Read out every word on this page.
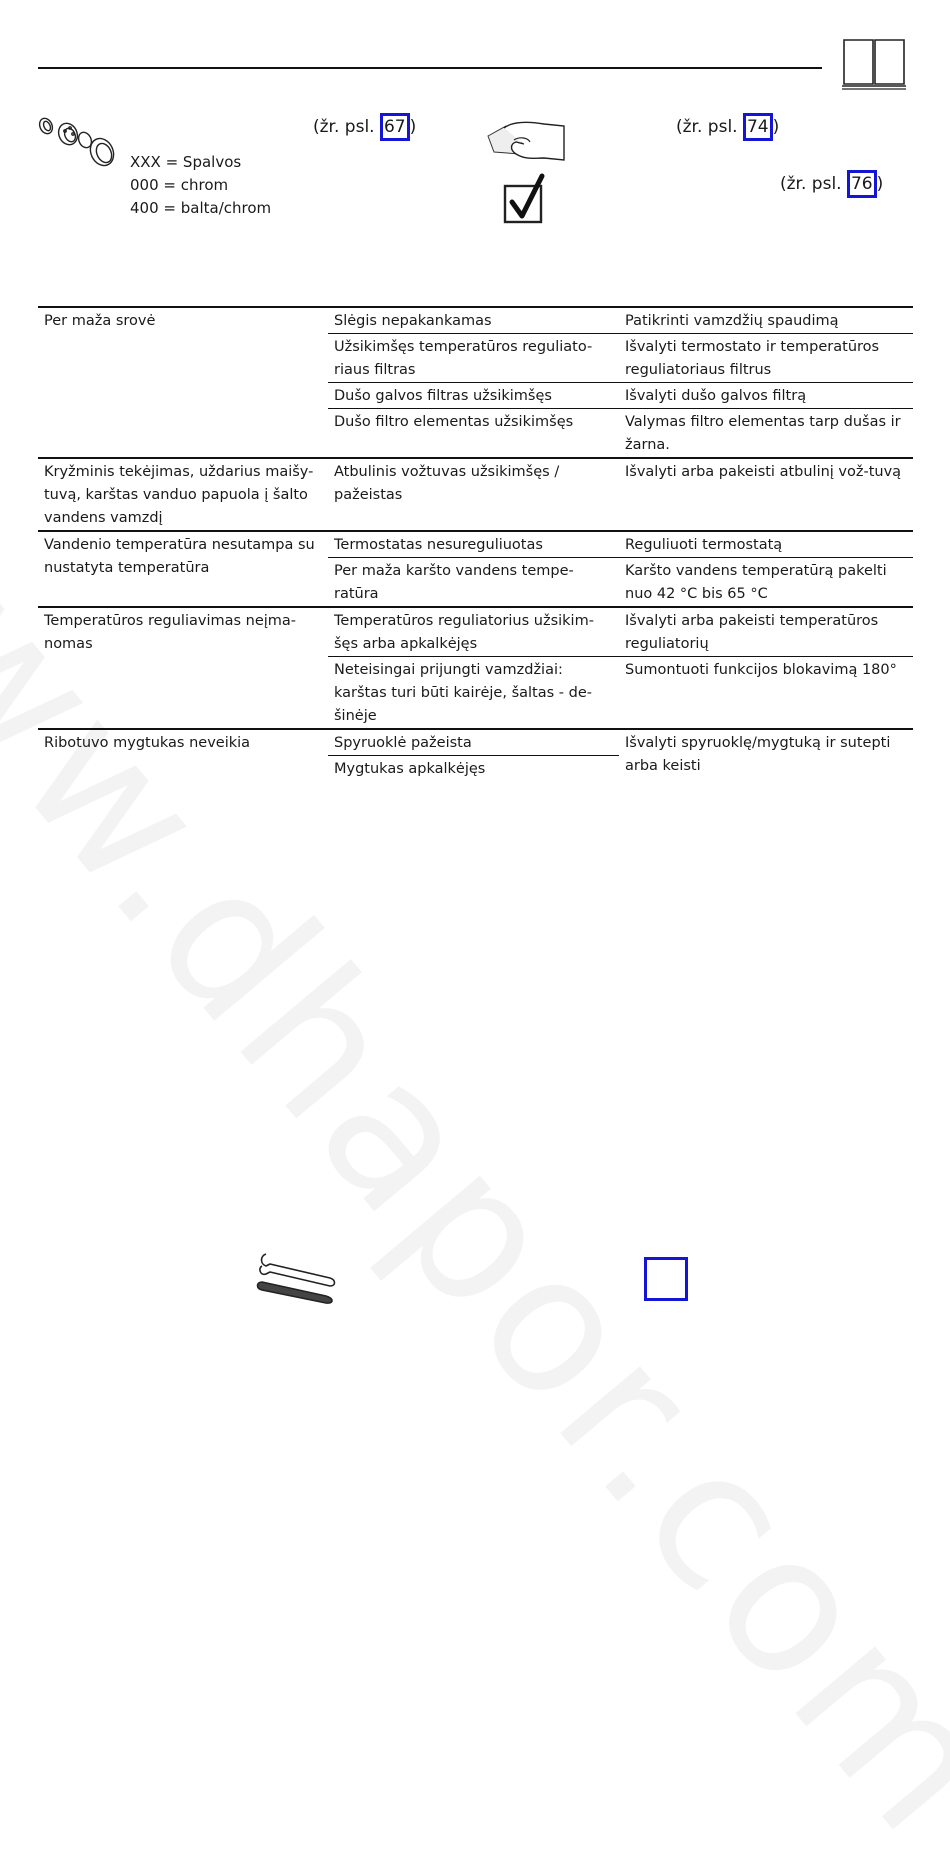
XXX = Spalvos
000 = chrom
400 = balta/chrom
(žr. psl. 67 )	(žr. psl. 74 )
(žr. psl. 76 )
Per maža srovė	Slėgis nepakankamas	Patikrinti vamzdžių spaudimą
	Užsikimšęs temperatūros reguliato-riaus filtras	Išvalyti termostato ir temperatūros reguliatoriaus filtrus
	Dušo galvos filtras užsikimšęs	Išvalyti dušo galvos filtrą
	Dušo filtro elementas užsikimšęs	Valymas filtro elementas tarp dušas ir žarna.
Kryžminis tekėjimas, uždarius maišy-tuvą, karštas vanduo papuola į šalto vandens vamzdį	Atbulinis vožtuvas užsikimšęs / pažeistas	Išvalyti arba pakeisti atbulinį vož-tuvą
Vandenio temperatūra nesutampa su nustatyta temperatūra	Termostatas nesureguliuotas	Reguliuoti termostatą
	Per maža karšto vandens tempe-ratūra	Karšto vandens temperatūrą pakelti nuo 42 °C bis 65 °C
Temperatūros reguliavimas neįma-nomas	Temperatūros reguliatorius užsikim-šęs arba apkalkėjęs	Išvalyti arba pakeisti temperatūros reguliatorių
	Neteisingai prijungti vamzdžiai: karštas turi būti kairėje, šaltas - de-šinėje	Sumontuoti funkcijos blokavimą 180°
Ribotuvo mygtukas neveikia	Spyruoklė pažeista	Išvalyti spyruoklę/mygtuką ir sutepti arba keisti
	Mygtukas apkalkėjęs	
